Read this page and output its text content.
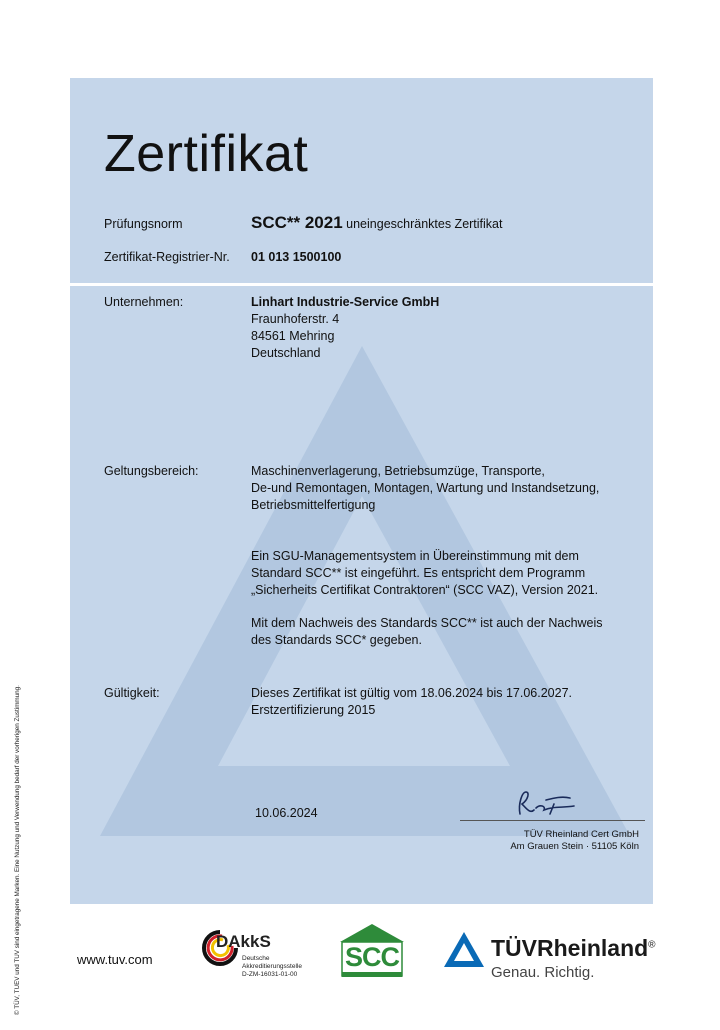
Zertifikat
Prüfungsnorm	SCC** 2021 uneingeschränktes Zertifikat
Zertifikat-Registrier-Nr. 01 013 1500100
Unternehmen:	Linhart Industrie-Service GmbH
Fraunhoferstr. 4
84561 Mehring
Deutschland
Geltungsbereich:	Maschinenverlagerung, Betriebsumzüge, Transporte,
De-und Remontagen, Montagen, Wartung und Instandsetzung,
Betriebsmittelfertigung
Ein SGU-Managementsystem in Übereinstimmung mit dem
Standard SCC** ist eingeführt. Es entspricht dem Programm
„Sicherheits Certifikat Contraktoren“ (SCC VAZ), Version 2021.
Mit dem Nachweis des Standards SCC** ist auch der Nachweis
des Standards SCC* gegeben.
Gültigkeit:	Dieses Zertifikat ist gültig vom 18.06.2024 bis 17.06.2027.
Erstzertifizierung 2015
10.06.2024
TÜV Rheinland Cert GmbH
Am Grauen Stein · 51105 Köln
© TÜV, TUEV und TUV sind eingetragene Marken. Eine Nutzung und Verwendung bedarf der vorherigen Zustimmung.	www.tuv.com
DAkkS
Deutsche
Akkreditierungsstelle
D-ZM-16031-01-00
SCC	TÜVRheinland®
Genau. Richtig.
